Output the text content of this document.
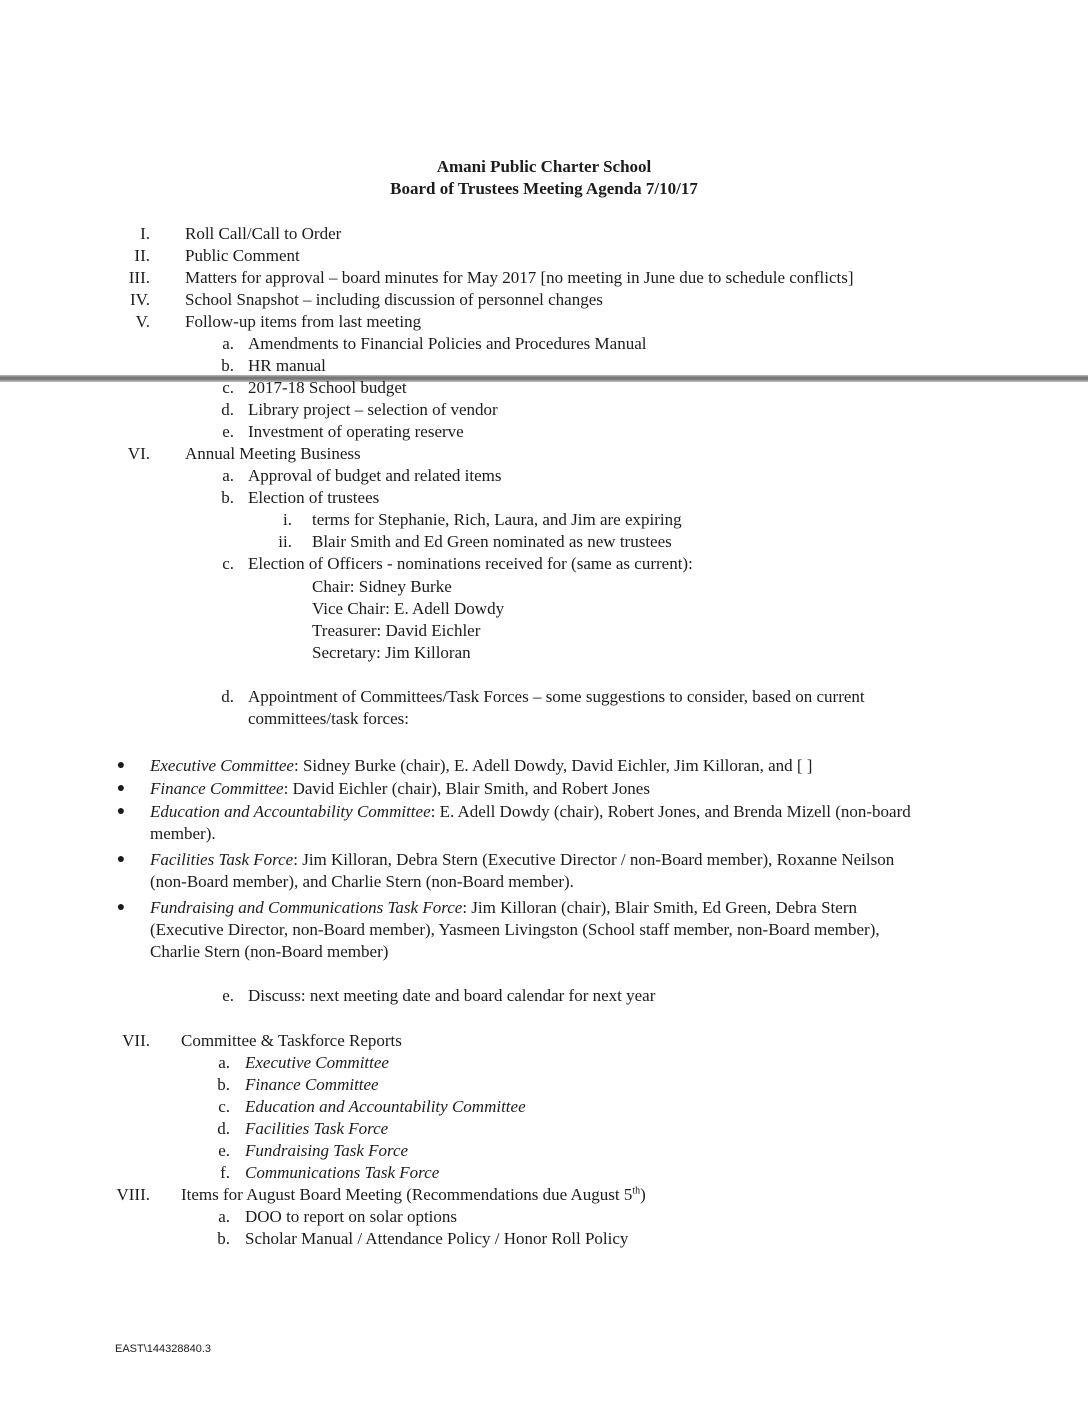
Amani Public Charter School
Board of Trustees Meeting Agenda 7/10/17
I. Roll Call/Call to Order
II. Public Comment
III. Matters for approval – board minutes for May 2017 [no meeting in June due to schedule conflicts]
IV. School Snapshot – including discussion of personnel changes
V. Follow-up items from last meeting
a. Amendments to Financial Policies and Procedures Manual
b. HR manual
c. 2017-18 School budget
d. Library project – selection of vendor
e. Investment of operating reserve
VI. Annual Meeting Business
a. Approval of budget and related items
b. Election of trustees
i. terms for Stephanie, Rich, Laura, and Jim are expiring
ii. Blair Smith and Ed Green nominated as new trustees
c. Election of Officers - nominations received for (same as current):
Chair: Sidney Burke
Vice Chair: E. Adell Dowdy
Treasurer: David Eichler
Secretary: Jim Killoran
d. Appointment of Committees/Task Forces – some suggestions to consider, based on current
committees/task forces:
● Executive Committee: Sidney Burke (chair), E. Adell Dowdy, David Eichler, Jim Killoran, and [ ]
● Finance Committee: David Eichler (chair), Blair Smith, and Robert Jones
● Education and Accountability Committee: E. Adell Dowdy (chair), Robert Jones, and Brenda Mizell (non-board member).
● Facilities Task Force: Jim Killoran, Debra Stern (Executive Director / non-Board member), Roxanne Neilson (non-Board member), and Charlie Stern (non-Board member).
● Fundraising and Communications Task Force: Jim Killoran (chair), Blair Smith, Ed Green, Debra Stern (Executive Director, non-Board member), Yasmeen Livingston (School staff member, non-Board member), Charlie Stern (non-Board member)
e. Discuss: next meeting date and board calendar for next year
VII. Committee & Taskforce Reports
a. Executive Committee
b. Finance Committee
c. Education and Accountability Committee
d. Facilities Task Force
e. Fundraising Task Force
f. Communications Task Force
VIII. Items for August Board Meeting (Recommendations due August 5th)
a. DOO to report on solar options
b. Scholar Manual / Attendance Policy / Honor Roll Policy
EAST\144328840.3
